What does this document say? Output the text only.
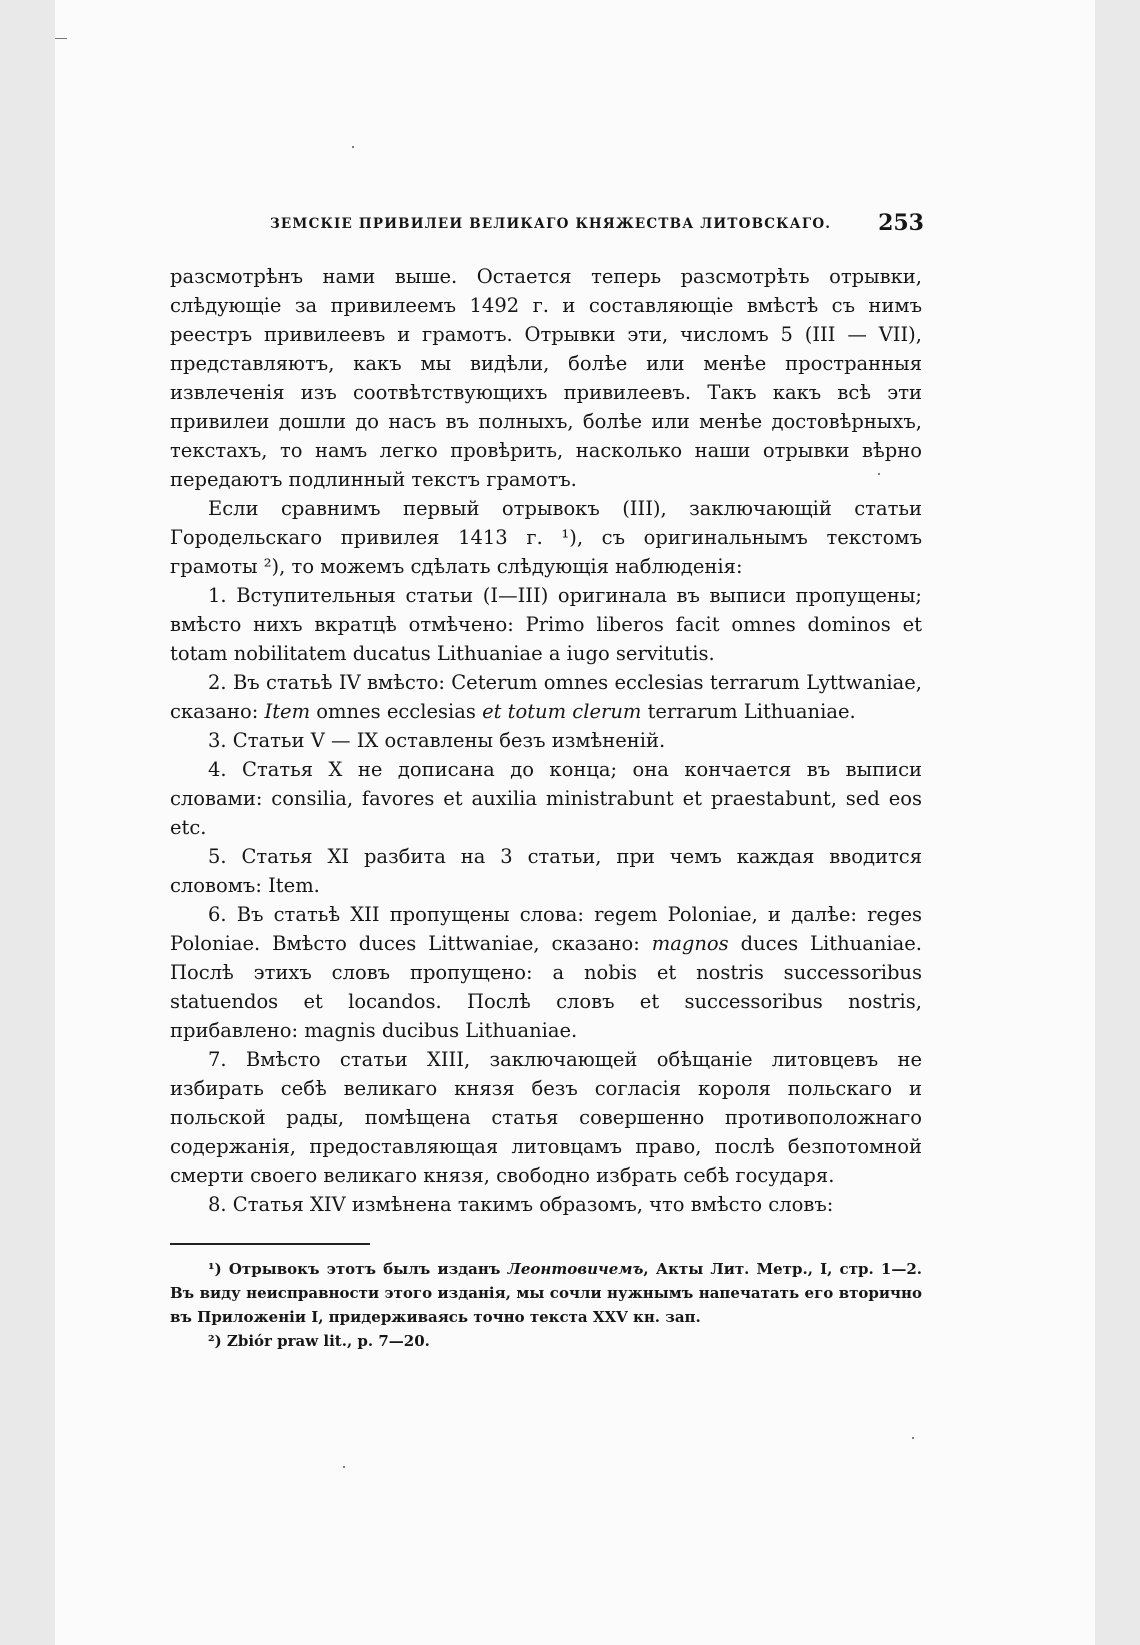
ЗЕМСКІЕ ПРИВИЛЕИ ВЕЛИКАГО КНЯЖЕСТВА ЛИТОВСКАГО. 253

разсмотрѣнъ нами выше. Остается теперь разсмотрѣть отрывки, слѣдующіе за привилеемъ 1492 г. и составляющіе вмѣстѣ съ нимъ реестръ привилеевъ и грамотъ. Отрывки эти, числомъ 5 (III — VII), представляютъ, какъ мы видѣли, болѣе или менѣе пространныя извлеченія изъ соотвѣтствующихъ привилеевъ. Такъ какъ всѣ эти привилеи дошли до насъ въ полныхъ, болѣе или менѣе достовѣрныхъ, текстахъ, то намъ легко провѣрить, насколько наши отрывки вѣрно передаютъ подлинный текстъ грамотъ.

Если сравнимъ первый отрывокъ (III), заключающій статьи Городельскаго привилея 1413 г. ¹), съ оригинальнымъ текстомъ грамоты ²), то можемъ сдѣлать слѣдующія наблюденія:

1. Вступительныя статьи (I—III) оригинала въ выписи пропущены; вмѣсто нихъ вкратцѣ отмѣчено: Primo liberos facit omnes dominos et totam nobilitatem ducatus Lithuaniae a iugo servitutis.

2. Въ статьѣ IV вмѣсто: Ceterum omnes ecclesias terrarum Lyttwaniae, сказано: Item omnes ecclesias et totum clerum terrarum Lithuaniae.

3. Статьи V — IX оставлены безъ измѣненій.

4. Статья X не дописана до конца; она кончается въ выписи словами: consilia, favores et auxilia ministrabunt et praestabunt, sed eos etc.

5. Статья XI разбита на 3 статьи, при чемъ каждая вводится словомъ: Item.

6. Въ статьѣ XII пропущены слова: regem Poloniae, и далѣе: reges Poloniae. Вмѣсто duces Littwaniae, сказано: magnos duces Lithuaniae. Послѣ этихъ словъ пропущено: a nobis et nostris successoribus statuendos et locandos. Послѣ словъ et successoribus nostris, прибавлено: magnis ducibus Lithuaniae.

7. Вмѣсто статьи XIII, заключающей обѣщаніе литовцевъ не избирать себѣ великаго князя безъ согласія короля польскаго и польской рады, помѣщена статья совершенно противоположнаго содержанія, предоставляющая литовцамъ право, послѣ безпотомной смерти своего великаго князя, свободно избрать себѣ государя.

8. Статья XIV измѣнена такимъ образомъ, что вмѣсто словъ:

¹) Отрывокъ этотъ былъ изданъ Леонтовичемъ, Акты Лит. Метр., I, стр. 1—2. Въ виду неисправности этого изданія, мы сочли нужнымъ напечатать его вторично въ Приложеніи I, придерживаясь точно текста XXV кн. зап.

²) Zbiór praw lit., p. 7—20.
